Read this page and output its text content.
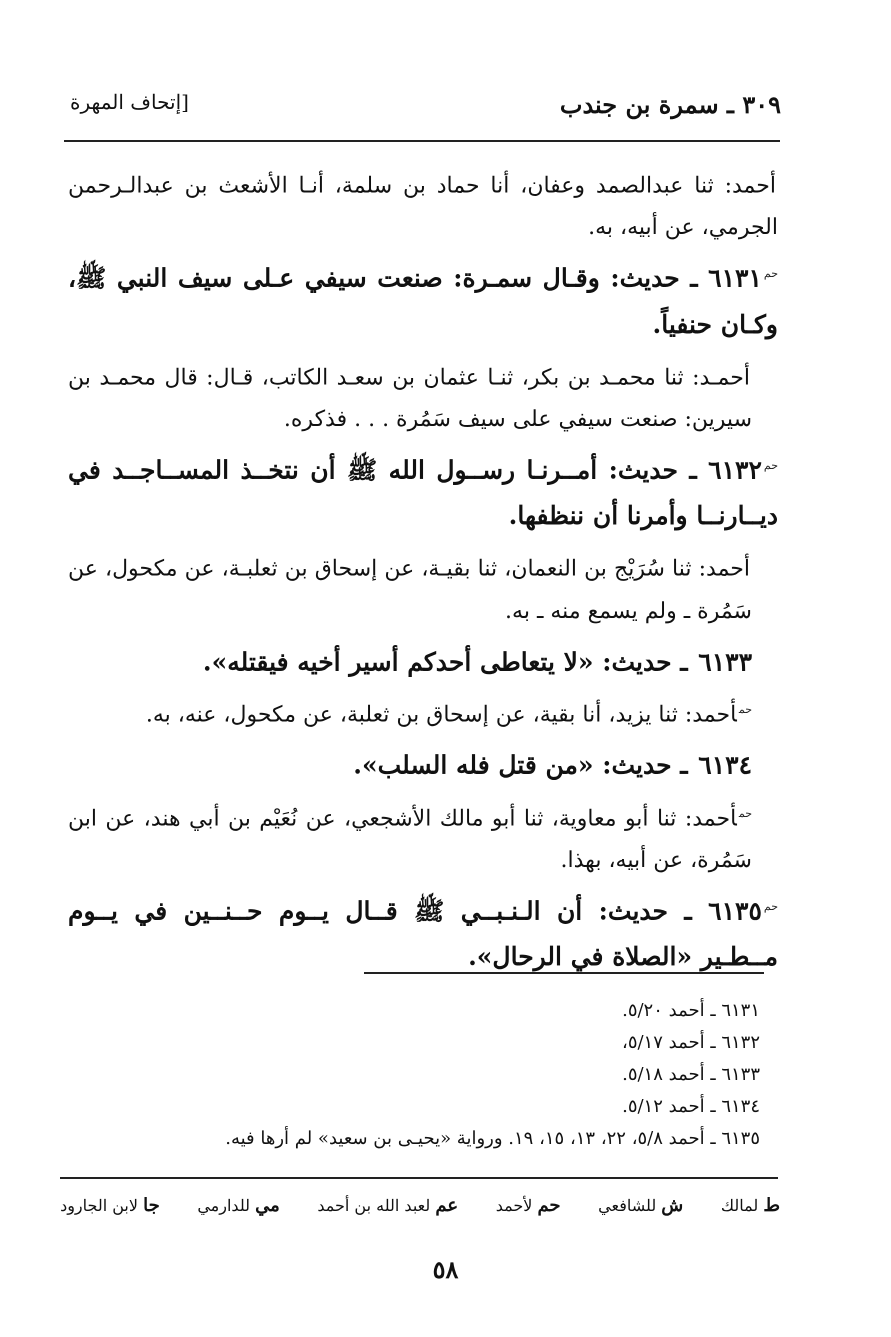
٣٠٩ ـ سمرة بن جندب
[إتحاف المهرة

أحمد: ثنا عبدالصمد وعفان، أنا حماد بن سلمة، أنـا الأشعث بن عبدالـرحمن الجرمي، عن أبيه، به.

$^{حم}$٦١٣١ ـ حديث: وقـال سمـرة: صنعت سيفي عـلى سيف النبي ﷺ، وكـان حنفياً.

أحمـد: ثنا محمـد بن بكر، ثنـا عثمان بن سعـد الكاتب، قـال: قال محمـد بن سيرين: صنعت سيفي على سيف سَمُرة . . . فذكره.

$^{حم}$٦١٣٢ ـ حديث: أمــرنـا رســول الله ﷺ أن نتخــذ المســاجــد في ديــارنــا وأمرنا أن ننظفها.

أحمد: ثنا سُرَيْج بن النعمان، ثنا بقيـة، عن إسحاق بن ثعلبـة، عن مكحول، عن سَمُرة ـ ولم يسمع منه ـ به.

٦١٣٣ ـ حديث: «لا يتعاطى أحدكم أسير أخيه فيقتله».

$^{حم}$أحمد: ثنا يزيد، أنا بقية، عن إسحاق بن ثعلبة، عن مكحول، عنه، به.

٦١٣٤ ـ حديث: «من قتل فله السلب».

$^{حم}$أحمد: ثنا أبو معاوية، ثنا أبو مالك الأشجعي، عن نُعَيْم بن أبي هند، عن ابن سَمُرة، عن أبيه، بهذا.

$^{حم}$٦١٣٥ ـ حديث: أن الـنـبــي ﷺ قــال يــوم حــنــين في يــوم مــطـير «الصلاة في الرحال».

٦١٣١ ـ أحمد ٥/٢٠.
٦١٣٢ ـ أحمد ٥/١٧،
٦١٣٣ ـ أحمد ٥/١٨.
٦١٣٤ ـ أحمد ٥/١٢.
٦١٣٥ ـ أحمد ٥/٨، ٢٢، ١٣، ١٥، ١٩. ورواية «يحيـى بن سعيد» لم أرها فيه.
ط لمالك
ش للشافعي
حم لأحمد
عم لعبد الله بن أحمد
مي للدارمي
جا لابن الجارود
٥٨
